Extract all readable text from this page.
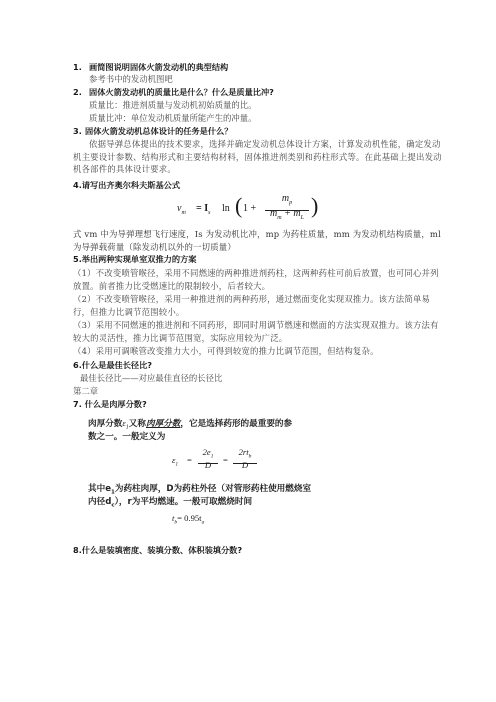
1. 画简图说明固体火箭发动机的典型结构
参考书中的发动机图吧
2. 固体火箭发动机的质量比是什么？什么是质量比冲?
质量比：推进剂质量与发动机初始质量的比。
质量比冲：单位发动机质量所能产生的冲量。
3. 固体火箭发动机总体设计的任务是什么？
依据导弹总体提出的技术要求，选择并确定发动机总体设计方案，计算发动机性能，确定发动机主要设计参数、结构形式和主要结构材料，固体推进剂类别和药柱形式等。在此基础上提出发动机各部件的具体设计要求。
4.请写出齐奥尔科夫斯基公式
$v_m = I_s$ ln ( 1 +
$m_p$
$m_m + m_L$ )
式 vm 中为导弹理想飞行速度，Is 为发动机比冲，mp 为药柱质量，mm 为发动机结构质量，ml 为导弹载荷量（除发动机以外的一切质量）
5.举出两种实现单室双推力的方案
（1）不改变喷管喉径，采用不同燃速的两种推进剂药柱，这两种药柱可前后放置，也可同心并列放置。前者推力比受燃速比的限制较小，后者较大。
（2）不改变喷管喉径，采用一种推进剂的两种药形，通过燃面变化实现双推力。该方法简单易行，但推力比调节范围较小。
（3）采用不同燃速的推进剂和不同药形，即同时用调节燃速和燃面的方法实现双推力。该方法有较大的灵活性，推力比调节范围宽，实际应用较为广泛。
（4）采用可调喉管改变推力大小，可得到较宽的推力比调节范围，但结构复杂。
6.什么是最佳长径比?
最佳长径比——对应最佳直径的长径比
第二章
7. 什么是肉厚分数?
肉厚分数$\varepsilon_1$又称肉厚分数，它是选择药形的最重要的参
数之一。一般定义为
$\varepsilon_1$ =
$2e_1$
D	=
$2rt_b$
D
其中$e_1$为药柱肉厚，D为药柱外径（对管形药柱使用燃烧室
内径$d_c$），r为平均燃速。一般可取燃烧时间
$t_b= 0.95t_a$
8.什么是装填密度、装填分数、体积装填分数?
